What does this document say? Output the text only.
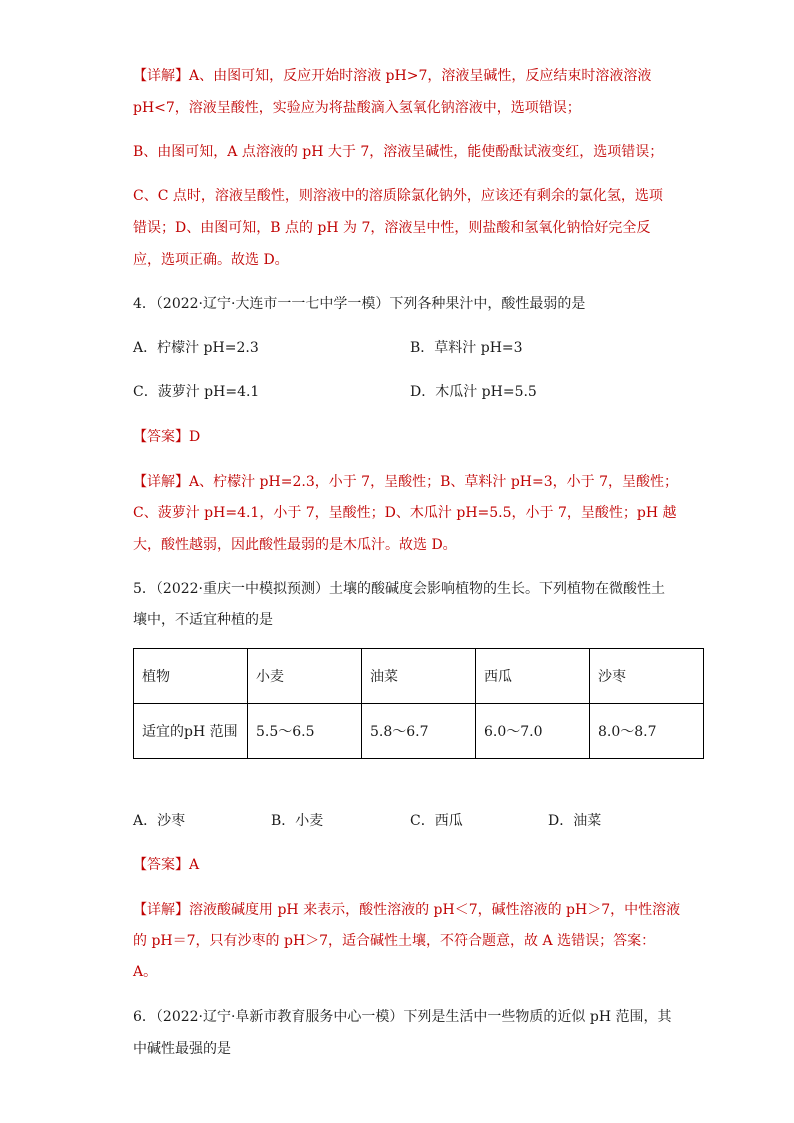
【详解】A、由图可知，反应开始时溶液 pH>7，溶液呈碱性，反应结束时溶液溶液
pH<7，溶液呈酸性，实验应为将盐酸滴入氢氧化钠溶液中，选项错误；
B、由图可知，A 点溶液的 pH 大于 7，溶液呈碱性，能使酚酞试液变红，选项错误；
C、C 点时，溶液呈酸性，则溶液中的溶质除氯化钠外，应该还有剩余的氯化氢，选项
错误；D、由图可知，B 点的 pH 为 7，溶液呈中性，则盐酸和氢氧化钠恰好完全反
应，选项正确。故选 D。
4．（2022·辽宁·大连市一一七中学一模）下列各种果汁中，酸性最弱的是
A．柠檬汁 pH=2.3	B．草料汁 pH=3
C．菠萝汁 pH=4.1	D．木瓜汁 pH=5.5
【答案】D
【详解】A、柠檬汁 pH=2.3，小于 7，呈酸性；B、草料汁 pH=3，小于 7，呈酸性；
C、菠萝汁 pH=4.1，小于 7，呈酸性；D、木瓜汁 pH=5.5，小于 7，呈酸性；pH 越
大，酸性越弱，因此酸性最弱的是木瓜汁。故选 D。
5．（2022·重庆一中模拟预测）土壤的酸碱度会影响植物的生长。下列植物在微酸性土
壤中，不适宜种植的是
植物	小麦	油菜	西瓜	沙枣
适宜的pH 范围	5.5～6.5	5.8～6.7	6.0～7.0	8.0～8.7
A．沙枣	B．小麦	C．西瓜	D．油菜
【答案】A
【详解】溶液酸碱度用 pH 来表示，酸性溶液的 pH＜7，碱性溶液的 pH＞7，中性溶液
的 pH＝7，只有沙枣的 pH＞7，适合碱性土壤，不符合题意，故 A 选错误；答案：
A。
6．（2022·辽宁·阜新市教育服务中心一模）下列是生活中一些物质的近似 pH 范围，其
中碱性最强的是
